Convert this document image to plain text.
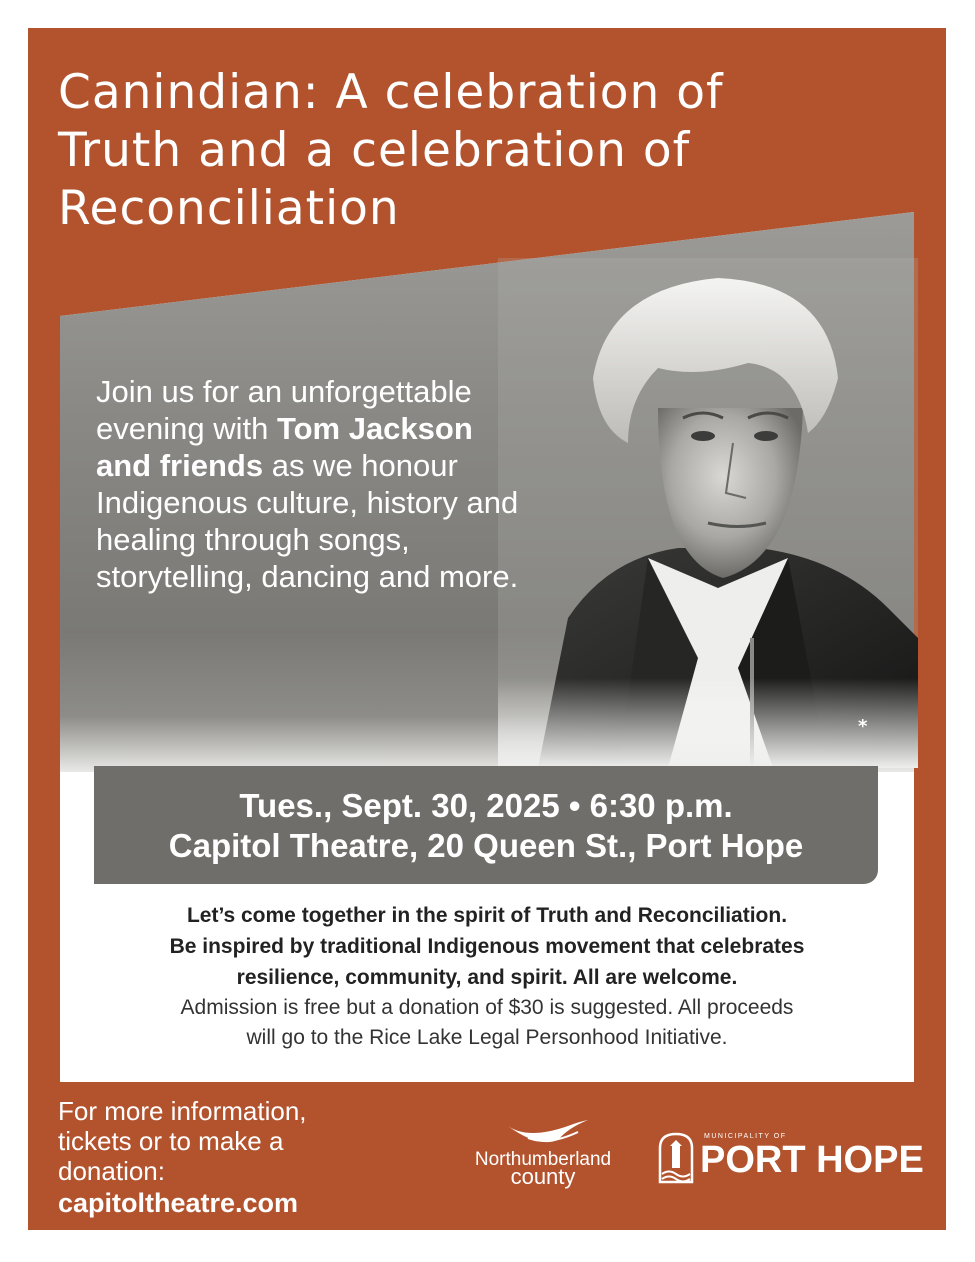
Canindian: A celebration of Truth and a celebration of Reconciliation

Join us for an unforgettable evening with Tom Jackson and friends as we honour Indigenous culture, history and healing through songs, storytelling, dancing and more.

*
Tues., Sept. 30, 2025 • 6:30 p.m.
Capitol Theatre, 20 Queen St., Port Hope
Let’s come together in the spirit of Truth and Reconciliation.
Be inspired by traditional Indigenous movement that celebrates
resilience, community, and spirit. All are welcome.
Admission is free but a donation of $30 is suggested. All proceeds
will go to the Rice Lake Legal Personhood Initiative.
For more information, tickets or to make a donation:
capitoltheatre.com
Northumberland
county
MUNICIPALITY OF
PORT HOPE
